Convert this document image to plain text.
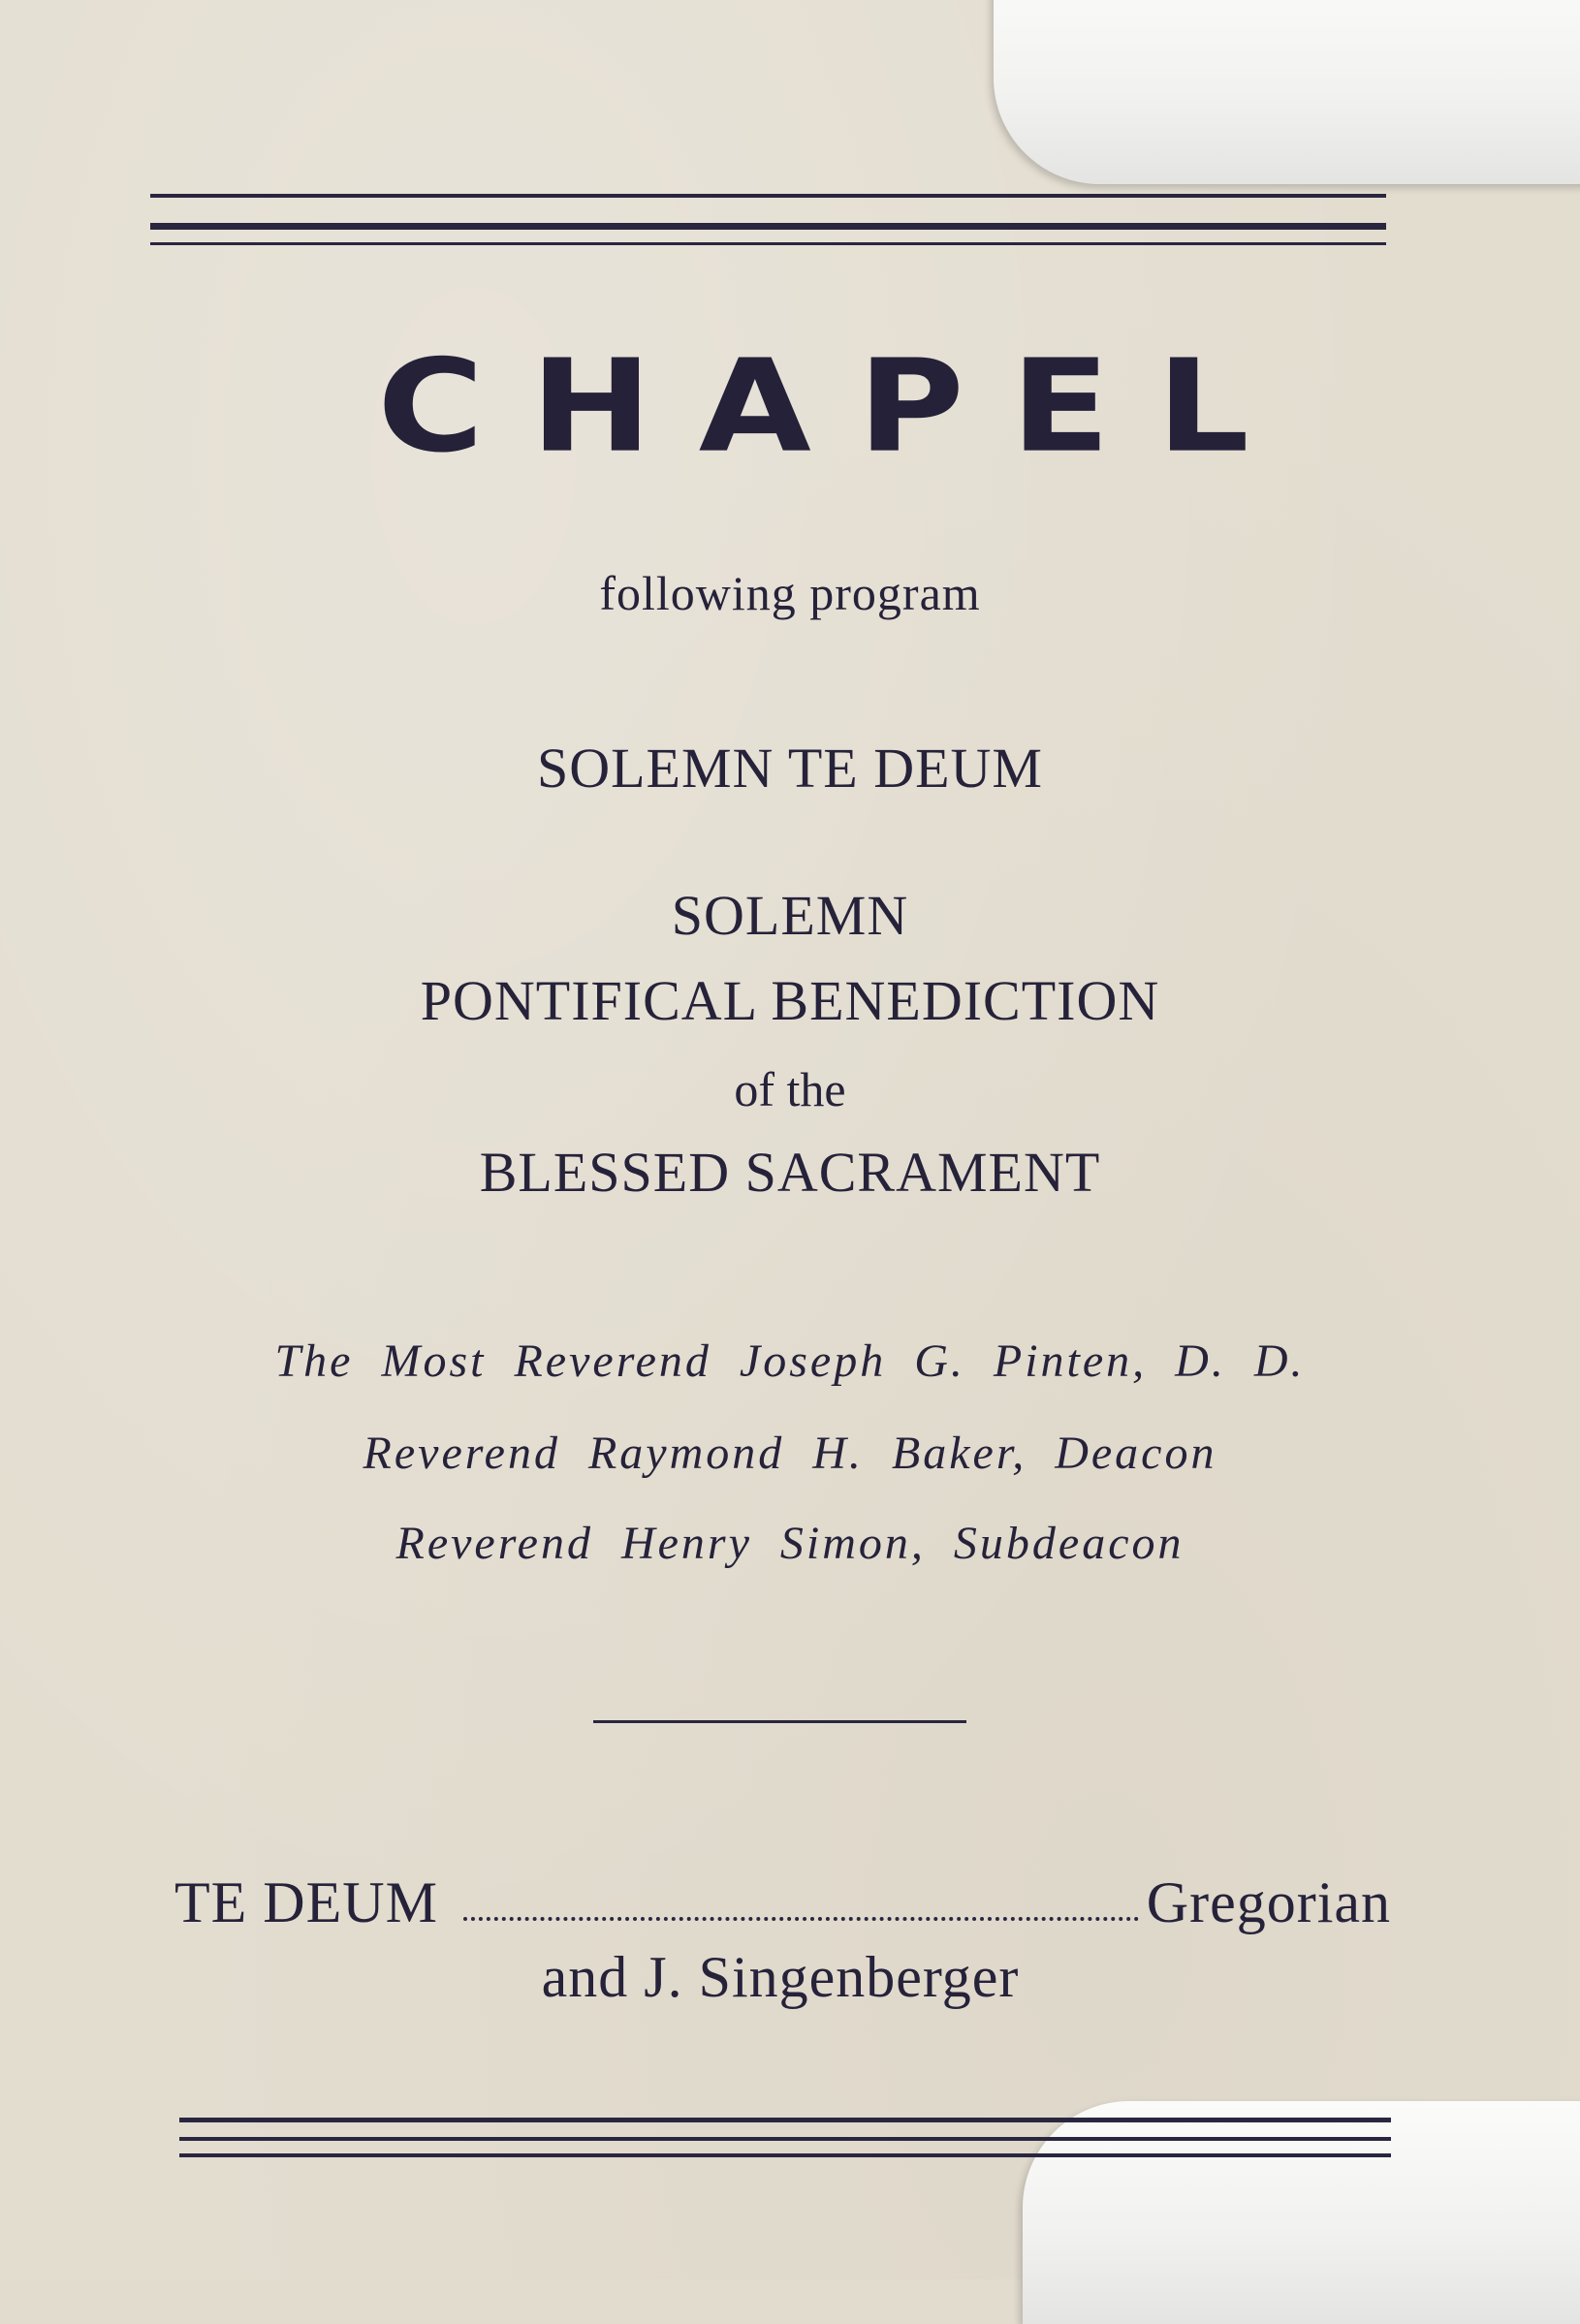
CHAPEL
following program
SOLEMN TE DEUM
SOLEMN
PONTIFICAL BENEDICTION
of the
BLESSED SACRAMENT
The Most Reverend Joseph G. Pinten, D. D.
Reverend Raymond H. Baker, Deacon
Reverend Henry Simon, Subdeacon
TE DEUM	Gregorian
and J. Singenberger
